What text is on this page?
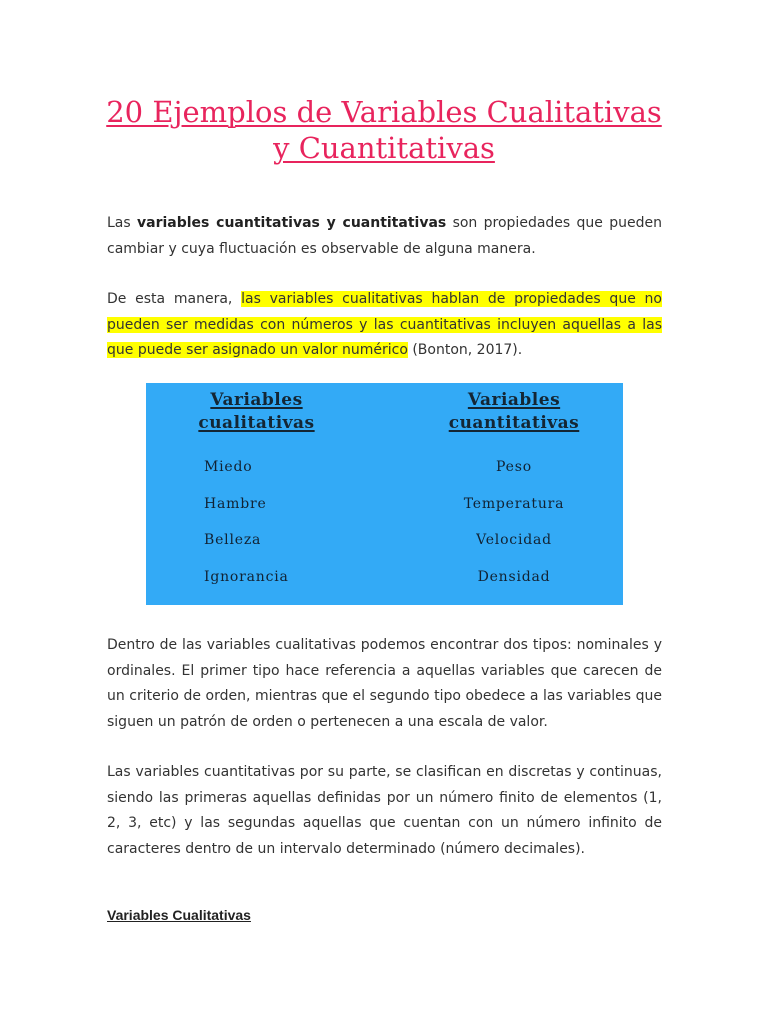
20 Ejemplos de Variables Cualitativas y Cuantitativas

Las variables cuantitativas y cuantitativas son propiedades que pueden cambiar y cuya fluctuación es observable de alguna manera.

De esta manera, las variables cualitativas hablan de propiedades que no pueden ser medidas con números y las cuantitativas incluyen aquellas a las que puede ser asignado un valor numérico (Bonton, 2017).

Variables cualitativas

Miedo
Hambre
Belleza
Ignorancia

Variables cuantitativas

Peso
Temperatura
Velocidad
Densidad

Dentro de las variables cualitativas podemos encontrar dos tipos: nominales y ordinales. El primer tipo hace referencia a aquellas variables que carecen de un criterio de orden, mientras que el segundo tipo obedece a las variables que siguen un patrón de orden o pertenecen a una escala de valor.

Las variables cuantitativas por su parte, se clasifican en discretas y continuas, siendo las primeras aquellas definidas por un número finito de elementos (1, 2, 3, etc) y las segundas aquellas que cuentan con un número infinito de caracteres dentro de un intervalo determinado (número decimales).

Variables Cualitativas
